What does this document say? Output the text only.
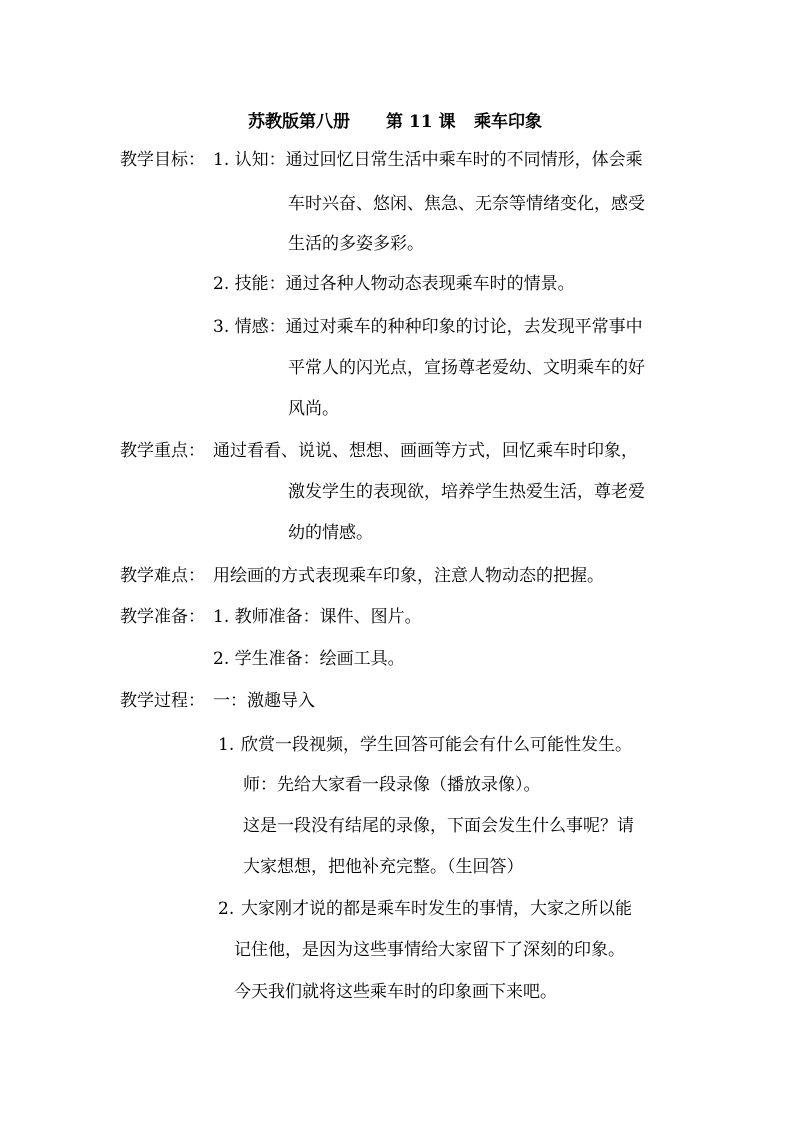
苏教版第八册 第 11 课 乘车印象
教学目标： 1. 认知：通过回忆日常生活中乘车时的不同情形，体会乘
车时兴奋、悠闲、焦急、无奈等情绪变化，感受
生活的多姿多彩。
2. 技能：通过各种人物动态表现乘车时的情景。
3. 情感：通过对乘车的种种印象的讨论，去发现平常事中
平常人的闪光点，宣扬尊老爱幼、文明乘车的好
风尚。
教学重点： 通过看看、说说、想想、画画等方式，回忆乘车时印象，
激发学生的表现欲，培养学生热爱生活，尊老爱
幼的情感。
教学难点： 用绘画的方式表现乘车印象，注意人物动态的把握。
教学准备： 1. 教师准备：课件、图片。
2. 学生准备：绘画工具。
教学过程： 一：激趣导入
1. 欣赏一段视频，学生回答可能会有什么可能性发生。
师：先给大家看一段录像（播放录像）。
这是一段没有结尾的录像，下面会发生什么事呢？请
大家想想，把他补充完整。（生回答）
2. 大家刚才说的都是乘车时发生的事情，大家之所以能
记住他，是因为这些事情给大家留下了深刻的印象。
今天我们就将这些乘车时的印象画下来吧。
